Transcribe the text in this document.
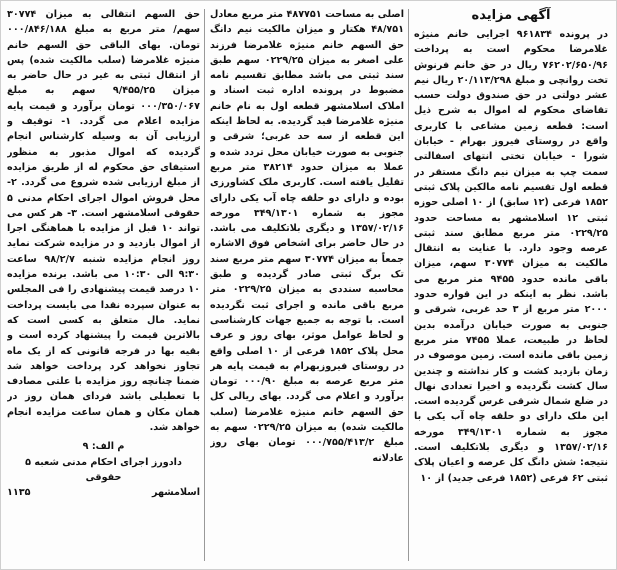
آگهی مزایده

در پرونده ۹۶۱۸۳۴ اجرایی خانم منیژه غلامرضا محکوم است به پرداخت ۷۶۲۰۲/۶۵۰/۹۶ ریال در حق خانم فرنوش تخت روانچی و مبلغ ۲۰/۱۱۳/۲۹۸ ریال نیم عشر دولتی در حق صندوق دولت حسب تقاضای محکوم له اموال به شرح ذیل است: قطعه زمین مشاعی با کاربری واقع در روستای فیروز بهرام - خیابان شورا - خیابان تختی انتهای اسفالتی سمت چپ به میزان نیم دانگ مستقر در قطعه اول تقسیم نامه مالکین پلاک ثبتی ۱۸۵۲ فرعی (۱۲ سابق) از ۱۰ اصلی حوزه ثبتی ۱۲ اسلامشهر به مساحت حدود ۰۲۲۹/۲۵ متر مربع مطابق سند ثبتی عرصه وجود دارد. با عنایت به انتقال مالکیت به میزان ۳۰۷۷۴ سهم، میزان باقی مانده حدود ۹۴۵۵ متر مربع می باشد. نظر به اینکه در این قواره حدود ۲۰۰۰ متر مربع از ۳ حد غربی، شرقی و جنوبی به صورت خیابان درآمده بدین لحاظ در طبیعت، عملا ۷۴۵۵ متر مربع زمین باقی مانده است. زمین موصوف در زمان بازدید کشت و کار نداشته و چندین سال کشت نگردیده و اخیرا تعدادی نهال در ضلع شمال شرقی غرس گردیده است. این ملک دارای دو حلقه چاه آب یکی با مجوز به شماره ۳۴۹/۱۳۰۱ مورخه ۱۳۵۷/۰۲/۱۶ و دیگری بلاتکلیف است. نتیجه: شش دانگ کل عرصه و اعیان پلاک ثبتی ۶۲ فرعی (۱۸۵۲ فرعی جدید) از ۱۰

اصلی به مساحت ۴۸۷۷۵۱ متر مربع معادل ۴۸/۷۵۱ هکتار و میزان مالکیت نیم دانگ حق السهم خانم منیژه غلامرضا فرزند علی اصغر به میزان ۰۲۲۹/۲۵ سهم طبق سند ثبتی می باشد مطابق تقسیم نامه مضبوط در پرونده اداره ثبت اسناد و املاک اسلامشهر قطعه اول به نام خانم منیژه غلامرضا قید گردیده. به لحاظ اینکه این قطعه از سه حد غربی؛ شرقی و جنوبی به صورت خیابان محل تردد شده و عملا به میزان حدود ۳۸۲۱۴ متر مربع تقلیل یافته است. کاربری ملک کشاورزی بوده و دارای دو حلقه چاه آب یکی دارای مجوز به شماره ۳۴۹/۱۳۰۱ مورخه ۱۳۵۷/۰۲/۱۶ و دیگری بلاتکلیف می باشد. در حال حاضر برای اشخاص فوق الاشاره جمعاً به میزان ۳۰۷۷۴ سهم متر مربع سند تک برگ ثبتی صادر گردیده و طبق محاسبه سنددی به میزان ۰۲۲۹/۲۵ متر مربع باقی مانده و اجرای ثبت نگردیده است. با توجه به جمیع جهات کارشناسی و لحاظ عوامل موثر، بهای روز و عرف محل پلاک ۱۸۵۲ فرعی از ۱۰ اصلی واقع در روستای فیروزبهرام به قیمت پایه هر متر مربع عرصه به مبلغ ۰۰۰/۹۰ تومان برآورد و اعلام می گردد. بهای ریالی کل حق السهم خانم منیژه غلامرضا (سلب مالکیت شده) به میزان ۰۲۲۹/۲۵ سهم به مبلغ ۰۰۰/۷۵۵/۴۱۳/۲ تومان بهای روز عادلانه

حق السهم انتقالی به میزان ۳۰۷۷۴ سهم/ متر مربع به مبلغ ۰۰۰/۸۴۶/۱۸۸ تومان. بهای الباقی حق السهم خانم منیژه غلامرضا (سلب مالکیت شده) پس از انتقال ثبتی به غیر در حال حاضر به میزان ۹/۴۵۵/۲۵ سهم به مبلغ ۰۰۰/۳۵۰/۰۶۷ تومان برآورد و قیمت پایه مزایده اعلام می گردد. ۱- توقیف و ارزیابی آن به وسیله کارشناس انجام گردیده که اموال مذبور به منظور استیفای حق محکوم له از طریق مزایده از مبلغ ارزیابی شده شروع می گردد. ۲- محل فروش اموال اجرای احکام مدنی ۵ حقوقی اسلامشهر است. ۳- هر کس می تواند ۱۰ قبل از مزایده با هماهنگی اجرا از اموال بازدید و در مزایده شرکت نماید روز انجام مزایده شنبه ۹۸/۲/۷ ساعت ۹:۳۰ الی ۱۰:۳۰ می باشد. برنده مزایده ۱۰ درصد قیمت پیشنهادی را فی المجلس به عنوان سپرده نقدا می بایست پرداخت نماید. مال متعلق به کسی است که بالاترین قیمت را پیشنهاد کرده است و بقیه بها در فرجه قانونی که از یک ماه تجاوز نخواهد کرد پرداخت خواهد شد ضمنا چنانچه روز مزایده با علتی مصادف با تعطیلی باشد فردای همان روز در همان مکان و همان ساعت مزایده انجام خواهد شد.

م الف: ۹
دادورز اجرای احکام مدنی شعبه ۵ حقوقی
اسلامشهر
۱۱۳۵
